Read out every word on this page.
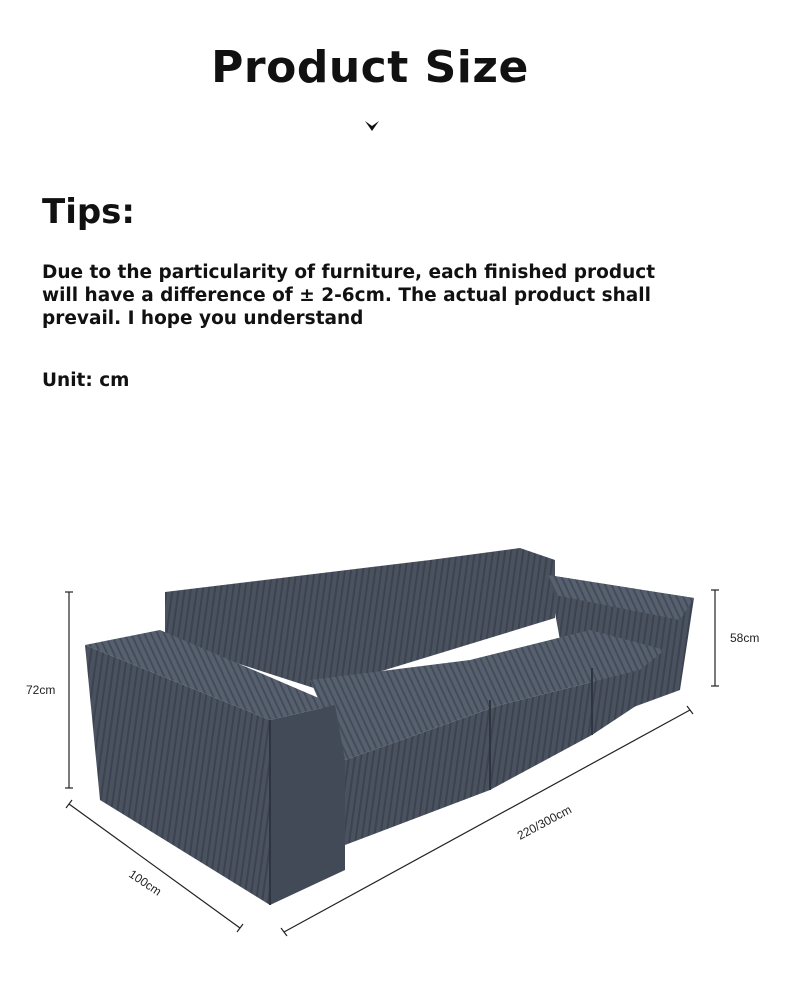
Product Size
Tips:
Due to the particularity of furniture, each finished product will have a difference of ± 2-6cm. The actual product shall prevail. I hope you understand
Unit: cm
72cm
58cm
100cm
220/300cm
